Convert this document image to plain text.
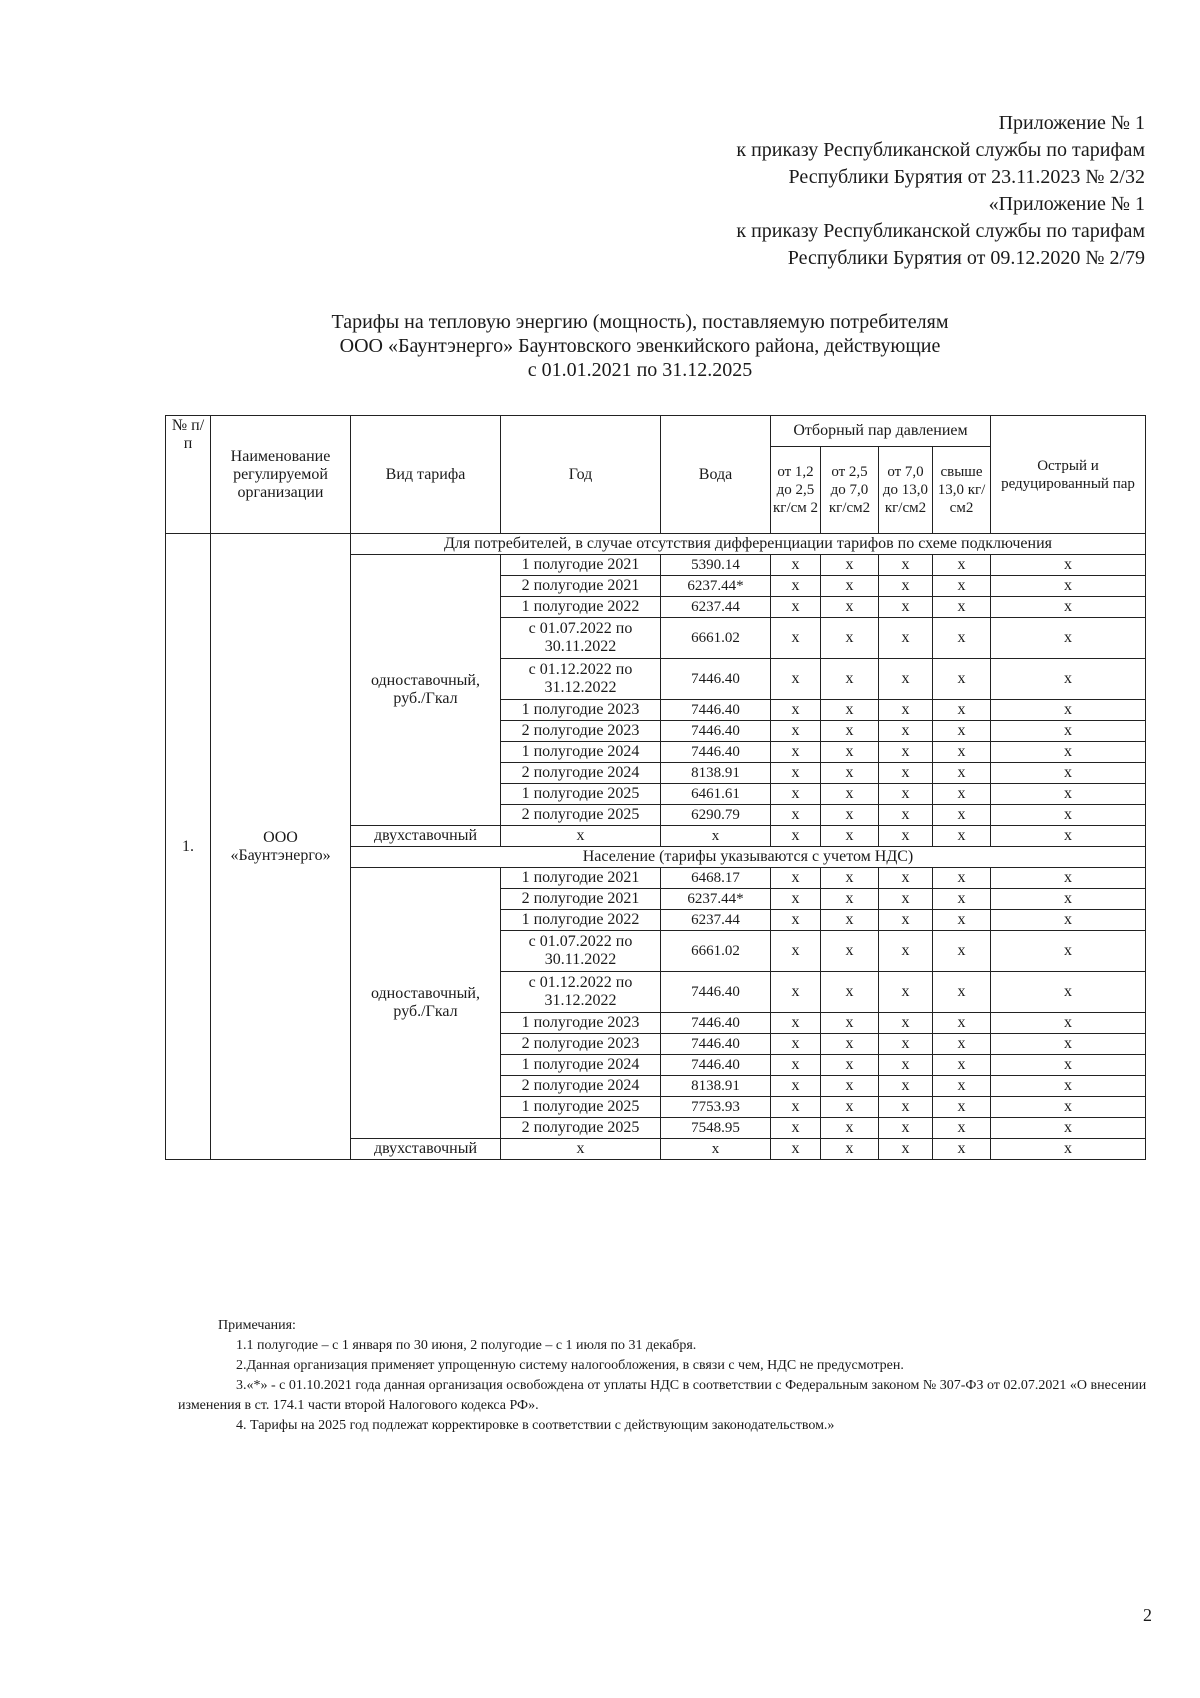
Приложение № 1
к приказу Республиканской службы по тарифам
Республики Бурятия от 23.11.2023 № 2/32
«Приложение № 1
к приказу Республиканской службы по тарифам
Республики Бурятия от 09.12.2020 № 2/79
Тарифы на тепловую энергию (мощность), поставляемую потребителям
ООО «Баунтэнерго» Баунтовского эвенкийского района, действующие
с 01.01.2021 по 31.12.2025
№ п/п	Наименование регулируемой организации	Вид тарифа	Год	Вода	Отборный пар давлением				Острый и редуцированный пар
					от 1,2 до 2,5 кг/см 2	от 2,5 до 7,0 кг/см2	от 7,0 до 13,0 кг/см2	свыше 13,0 кг/см2	
1.	ООО «Баунтэнерго»	Для потребителей, в случае отсутствия дифференциации тарифов по схеме подключения							
		одноставочный, руб./Гкал	1 полугодие 2021	5390.14	х	х	х	х	х
			2 полугодие 2021	6237.44*	х	х	х	х	х
			1 полугодие 2022	6237.44	х	х	х	х	х
			с 01.07.2022 по 30.11.2022	6661.02	х	х	х	х	х
			с 01.12.2022 по 31.12.2022	7446.40	х	х	х	х	х
			1 полугодие 2023	7446.40	х	х	х	х	х
			2 полугодие 2023	7446.40	х	х	х	х	х
			1 полугодие 2024	7446.40	х	х	х	х	х
			2 полугодие 2024	8138.91	х	х	х	х	х
			1 полугодие 2025	6461.61	х	х	х	х	х
			2 полугодие 2025	6290.79	х	х	х	х	х
		двухставочный	х	х	х	х	х	х	х
		Население (тарифы указываются с учетом НДС)							
		одноставочный, руб./Гкал	1 полугодие 2021	6468.17	х	х	х	х	х
			2 полугодие 2021	6237.44*	х	х	х	х	х
			1 полугодие 2022	6237.44	х	х	х	х	х
			с 01.07.2022 по 30.11.2022	6661.02	х	х	х	х	х
			с 01.12.2022 по 31.12.2022	7446.40	х	х	х	х	х
			1 полугодие 2023	7446.40	х	х	х	х	х
			2 полугодие 2023	7446.40	х	х	х	х	х
			1 полугодие 2024	7446.40	х	х	х	х	х
			2 полугодие 2024	8138.91	х	х	х	х	х
			1 полугодие 2025	7753.93	х	х	х	х	х
			2 полугодие 2025	7548.95	х	х	х	х	х
		двухставочный	х	х	х	х	х	х	х
Примечания:
1.1 полугодие – с 1 января по 30 июня, 2 полугодие – с 1 июля по 31 декабря.
2.Данная организация применяет упрощенную систему налогообложения, в связи с чем, НДС не предусмотрен.
3.«*» - с 01.10.2021 года данная организация освобождена от уплаты НДС в соответствии с Федеральным законом № 307-ФЗ от 02.07.2021 «О внесении изменения в ст. 174.1 части второй Налогового кодекса РФ».
4. Тарифы на 2025 год подлежат корректировке в соответствии с действующим законодательством.»
2
